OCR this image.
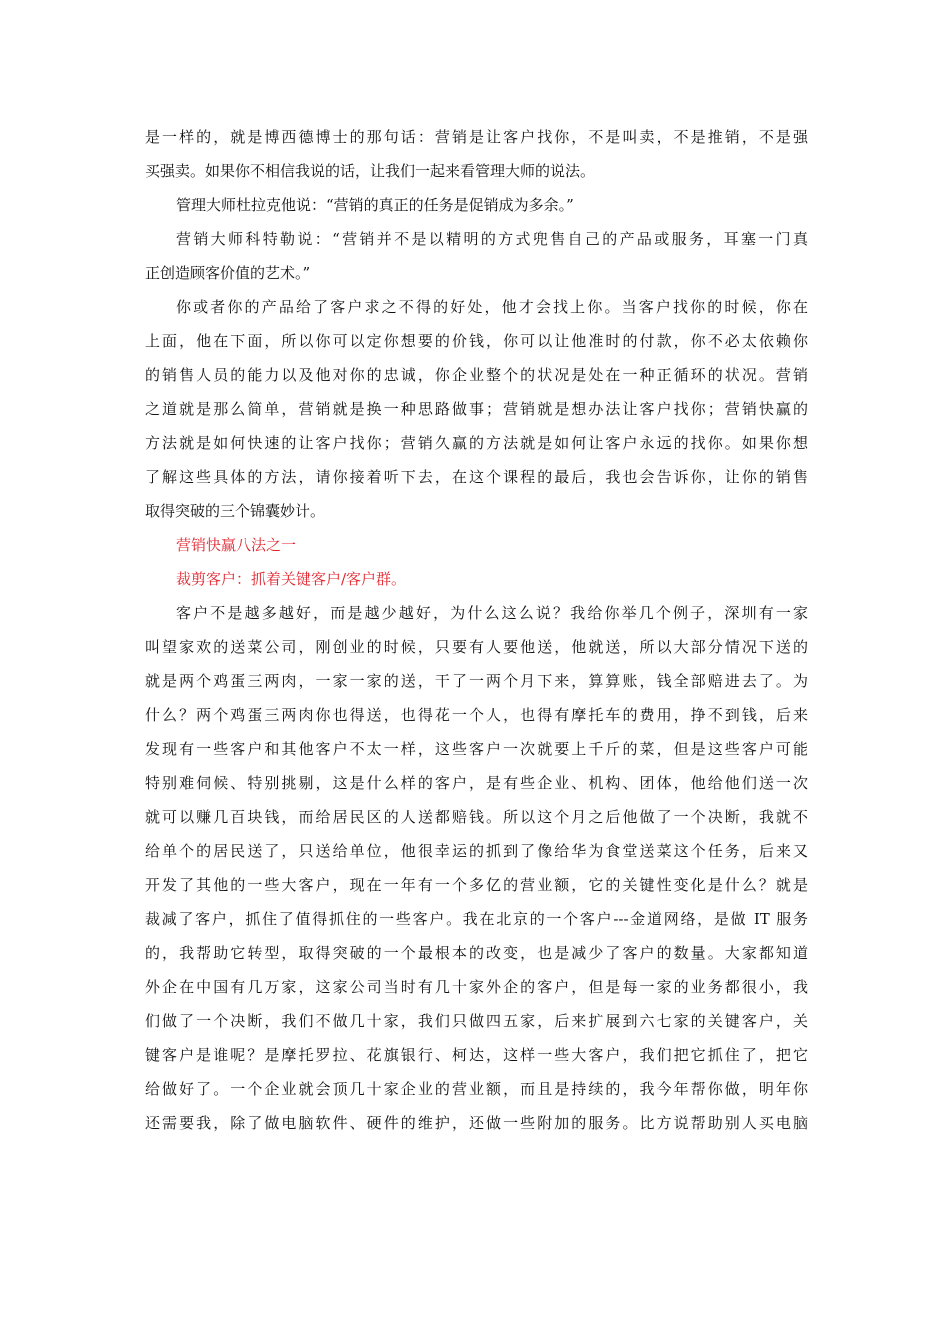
是一样的，就是博西德博士的那句话：营销是让客户找你，不是叫卖，不是推销，不是强
买强卖。如果你不相信我说的话，让我们一起来看管理大师的说法。
管理大师杜拉克他说：“营销的真正的任务是促销成为多余。”
营销大师科特勒说：“营销并不是以精明的方式兜售自己的产品或服务，耳塞一门真
正创造顾客价值的艺术。”
你或者你的产品给了客户求之不得的好处，他才会找上你。当客户找你的时候，你在
上面，他在下面，所以你可以定你想要的价钱，你可以让他准时的付款，你不必太依赖你
的销售人员的能力以及他对你的忠诚，你企业整个的状况是处在一种正循环的状况。营销
之道就是那么简单，营销就是换一种思路做事；营销就是想办法让客户找你；营销快赢的
方法就是如何快速的让客户找你；营销久赢的方法就是如何让客户永远的找你。如果你想
了解这些具体的方法，请你接着听下去，在这个课程的最后，我也会告诉你，让你的销售
取得突破的三个锦囊妙计。
营销快赢八法之一
裁剪客户：抓着关键客户/客户群。
客户不是越多越好，而是越少越好，为什么这么说？我给你举几个例子，深圳有一家
叫望家欢的送菜公司，刚创业的时候，只要有人要他送，他就送，所以大部分情况下送的
就是两个鸡蛋三两肉，一家一家的送，干了一两个月下来，算算账，钱全部赔进去了。为
什么？两个鸡蛋三两肉你也得送，也得花一个人，也得有摩托车的费用，挣不到钱，后来
发现有一些客户和其他客户不太一样，这些客户一次就要上千斤的菜，但是这些客户可能
特别难伺候、特别挑剔，这是什么样的客户，是有些企业、机构、团体，他给他们送一次
就可以赚几百块钱，而给居民区的人送都赔钱。所以这个月之后他做了一个决断，我就不
给单个的居民送了，只送给单位，他很幸运的抓到了像给华为食堂送菜这个任务，后来又
开发了其他的一些大客户，现在一年有一个多亿的营业额，它的关键性变化是什么？就是
裁减了客户，抓住了值得抓住的一些客户。我在北京的一个客户---金道网络，是做 IT 服务
的，我帮助它转型，取得突破的一个最根本的改变，也是减少了客户的数量。大家都知道
外企在中国有几万家，这家公司当时有几十家外企的客户，但是每一家的业务都很小，我
们做了一个决断，我们不做几十家，我们只做四五家，后来扩展到六七家的关键客户，关
键客户是谁呢？是摩托罗拉、花旗银行、柯达，这样一些大客户，我们把它抓住了，把它
给做好了。一个企业就会顶几十家企业的营业额，而且是持续的，我今年帮你做，明年你
还需要我，除了做电脑软件、硬件的维护，还做一些附加的服务。比方说帮助别人买电脑
